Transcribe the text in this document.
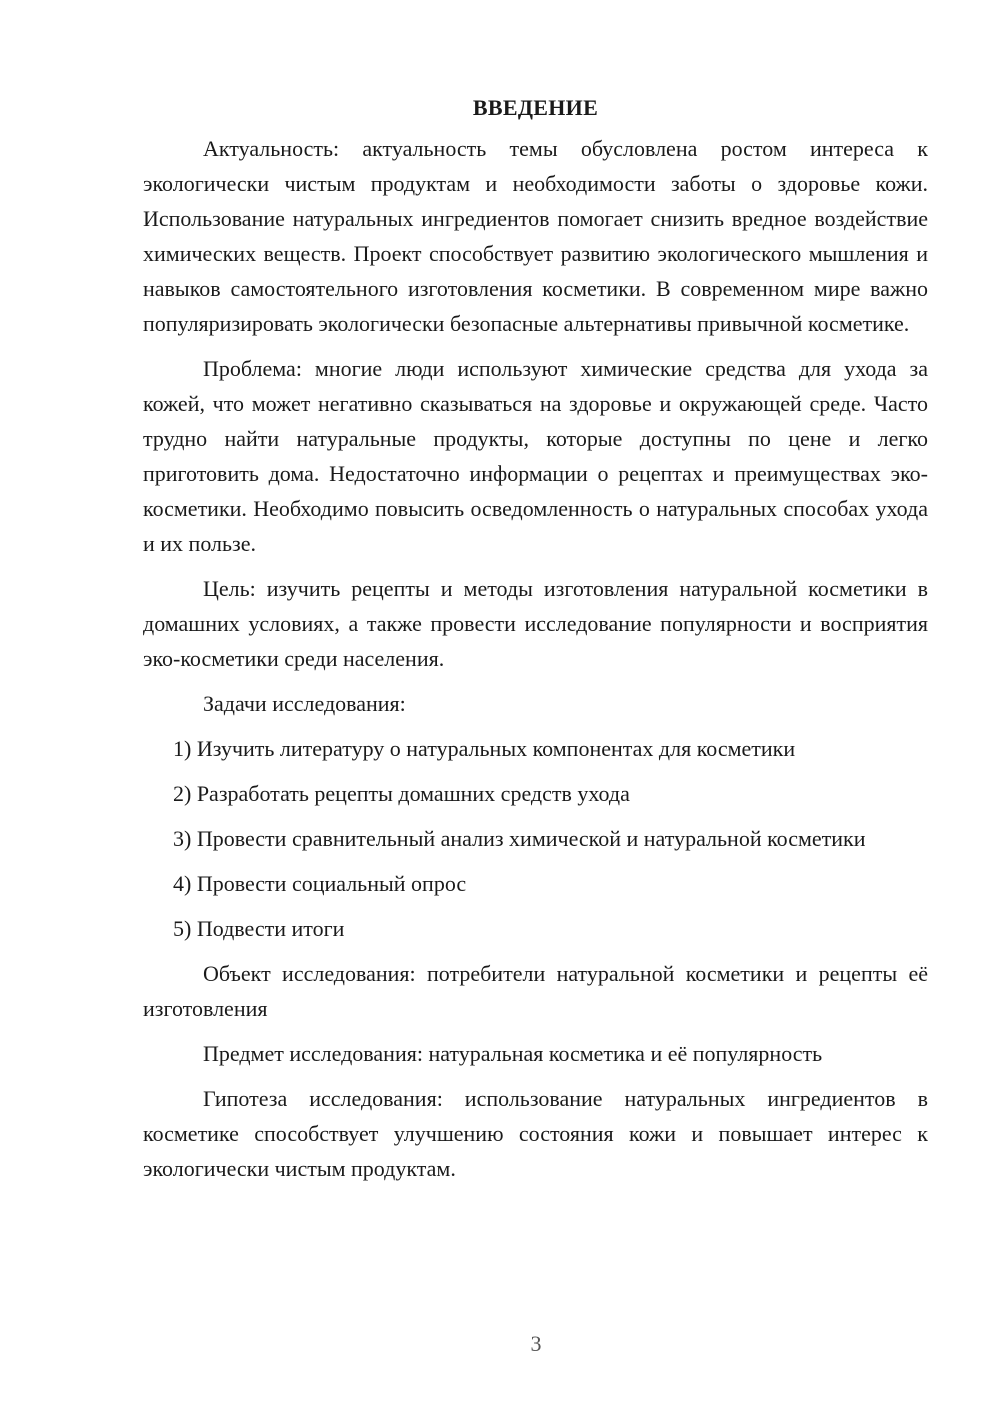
ВВЕДЕНИЕ

Актуальность: актуальность темы обусловлена ростом интереса к экологически чистым продуктам и необходимости заботы о здоровье кожи. Использование натуральных ингредиентов помогает снизить вредное воздействие химических веществ. Проект способствует развитию экологического мышления и навыков самостоятельного изготовления косметики. В современном мире важно популяризировать экологически безопасные альтернативы привычной косметике.

Проблема: многие люди используют химические средства для ухода за кожей, что может негативно сказываться на здоровье и окружающей среде. Часто трудно найти натуральные продукты, которые доступны по цене и легко приготовить дома. Недостаточно информации о рецептах и преимуществах эко-косметики. Необходимо повысить осведомленность о натуральных способах ухода и их пользе.

Цель: изучить рецепты и методы изготовления натуральной косметики в домашних условиях, а также провести исследование популярности и восприятия эко-косметики среди населения.

Задачи исследования:

1) Изучить литературу о натуральных компонентах для косметики

2) Разработать рецепты домашних средств ухода

3) Провести сравнительный анализ химической и натуральной косметики

4) Провести социальный опрос

5) Подвести итоги

Объект исследования: потребители натуральной косметики и рецепты её изготовления

Предмет исследования: натуральная косметика и её популярность

Гипотеза исследования: использование натуральных ингредиентов в косметике способствует улучшению состояния кожи и повышает интерес к экологически чистым продуктам.

3
